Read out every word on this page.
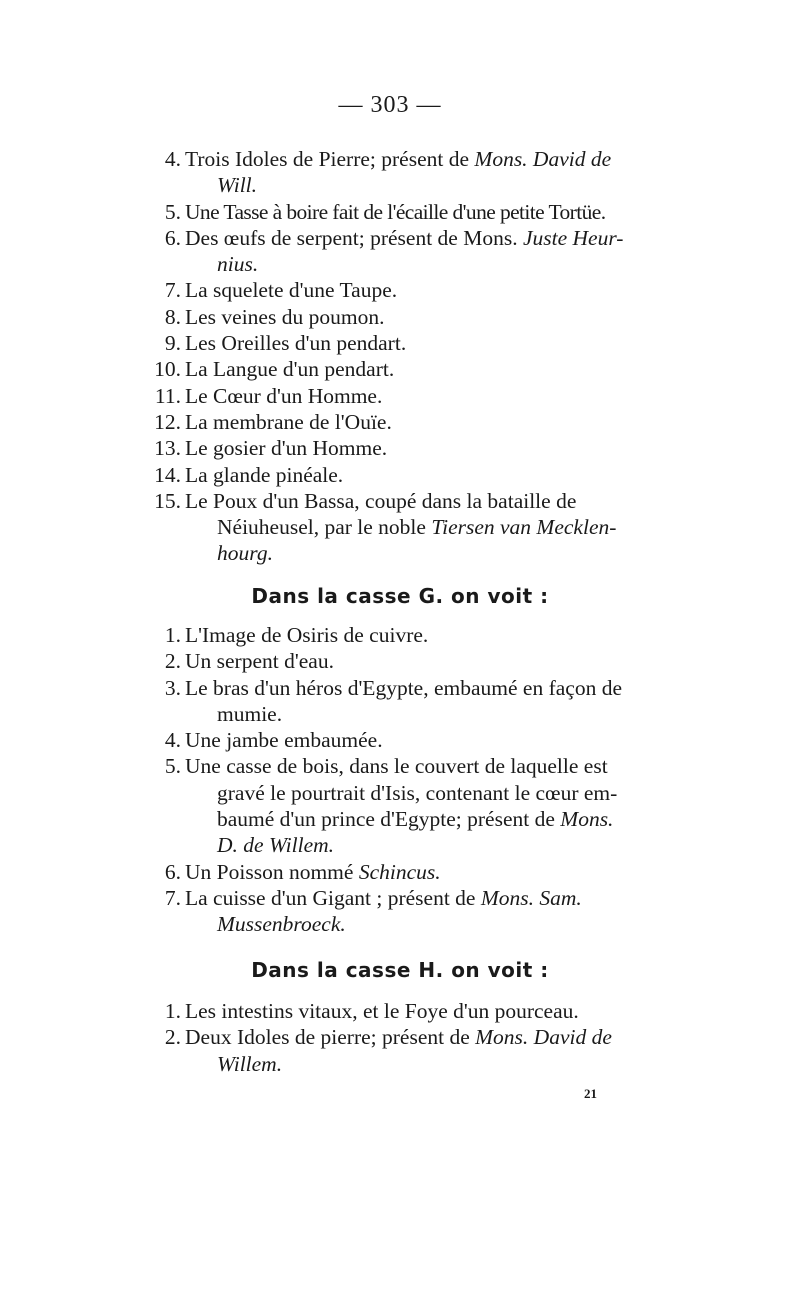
— 303 —
4. Trois Idoles de Pierre; présent de Mons. David de
Will.
5. Une Tasse à boire fait de l'écaille d'une petite Tortüe.
6. Des œufs de serpent; présent de Mons. Juste Heur-
nius.
7. La squelete d'une Taupe.
8. Les veines du poumon.
9. Les Oreilles d'un pendart.
10. La Langue d'un pendart.
11. Le Cœur d'un Homme.
12. La membrane de l'Ouïe.
13. Le gosier d'un Homme.
14. La glande pinéale.
15. Le Poux d'un Bassa, coupé dans la bataille de
Néiuheusel, par le noble Tiersen van Mecklen-
hourg.
Dans la casse G. on voit :
1. L'Image de Osiris de cuivre.
2. Un serpent d'eau.
3. Le bras d'un héros d'Egypte, embaumé en façon de
mumie.
4. Une jambe embaumée.
5. Une casse de bois, dans le couvert de laquelle est
gravé le pourtrait d'Isis, contenant le cœur em-
baumé d'un prince d'Egypte; présent de Mons.
D. de Willem.
6. Un Poisson nommé Schincus.
7. La cuisse d'un Gigant ; présent de Mons. Sam.
Mussenbroeck.
Dans la casse H. on voit :
1. Les intestins vitaux, et le Foye d'un pourceau.
2. Deux Idoles de pierre; présent de Mons. David de
Willem.
21
